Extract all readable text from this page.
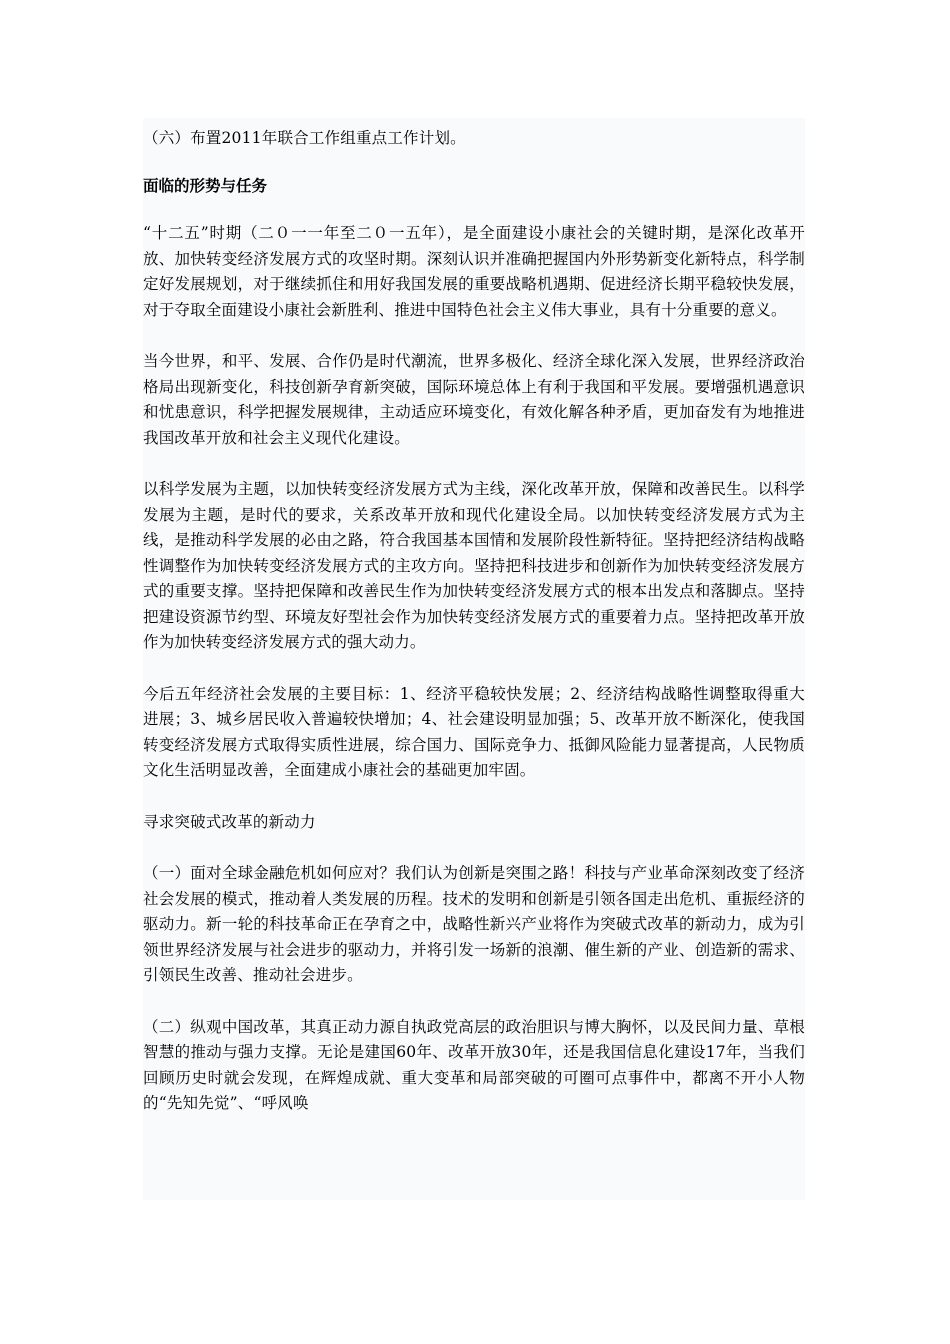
（六）布置2011年联合工作组重点工作计划。

面临的形势与任务

“十二五”时期（二０一一年至二０一五年），是全面建设小康社会的关键时期，是深化改革开放、加快转变经济发展方式的攻坚时期。深刻认识并准确把握国内外形势新变化新特点，科学制定好发展规划，对于继续抓住和用好我国发展的重要战略机遇期、促进经济长期平稳较快发展，对于夺取全面建设小康社会新胜利、推进中国特色社会主义伟大事业，具有十分重要的意义。

当今世界，和平、发展、合作仍是时代潮流，世界多极化、经济全球化深入发展，世界经济政治格局出现新变化，科技创新孕育新突破，国际环境总体上有利于我国和平发展。要增强机遇意识和忧患意识，科学把握发展规律，主动适应环境变化，有效化解各种矛盾，更加奋发有为地推进我国改革开放和社会主义现代化建设。

以科学发展为主题，以加快转变经济发展方式为主线，深化改革开放，保障和改善民生。以科学发展为主题，是时代的要求，关系改革开放和现代化建设全局。以加快转变经济发展方式为主线，是推动科学发展的必由之路，符合我国基本国情和发展阶段性新特征。坚持把经济结构战略性调整作为加快转变经济发展方式的主攻方向。坚持把科技进步和创新作为加快转变经济发展方式的重要支撑。坚持把保障和改善民生作为加快转变经济发展方式的根本出发点和落脚点。坚持把建设资源节约型、环境友好型社会作为加快转变经济发展方式的重要着力点。坚持把改革开放作为加快转变经济发展方式的强大动力。

今后五年经济社会发展的主要目标：1、经济平稳较快发展；2、经济结构战略性调整取得重大进展；3、城乡居民收入普遍较快增加；4、社会建设明显加强；5、改革开放不断深化，使我国转变经济发展方式取得实质性进展，综合国力、国际竞争力、抵御风险能力显著提高，人民物质文化生活明显改善，全面建成小康社会的基础更加牢固。

寻求突破式改革的新动力

（一）面对全球金融危机如何应对？我们认为创新是突围之路！科技与产业革命深刻改变了经济社会发展的模式，推动着人类发展的历程。技术的发明和创新是引领各国走出危机、重振经济的驱动力。新一轮的科技革命正在孕育之中，战略性新兴产业将作为突破式改革的新动力，成为引领世界经济发展与社会进步的驱动力，并将引发一场新的浪潮、催生新的产业、创造新的需求、引领民生改善、推动社会进步。

（二）纵观中国改革，其真正动力源自执政党高层的政治胆识与博大胸怀，以及民间力量、草根智慧的推动与强力支撑。无论是建国60年、改革开放30年，还是我国信息化建设17年，当我们回顾历史时就会发现，在辉煌成就、重大变革和局部突破的可圈可点事件中，都离不开小人物的“先知先觉”、“呼风唤
